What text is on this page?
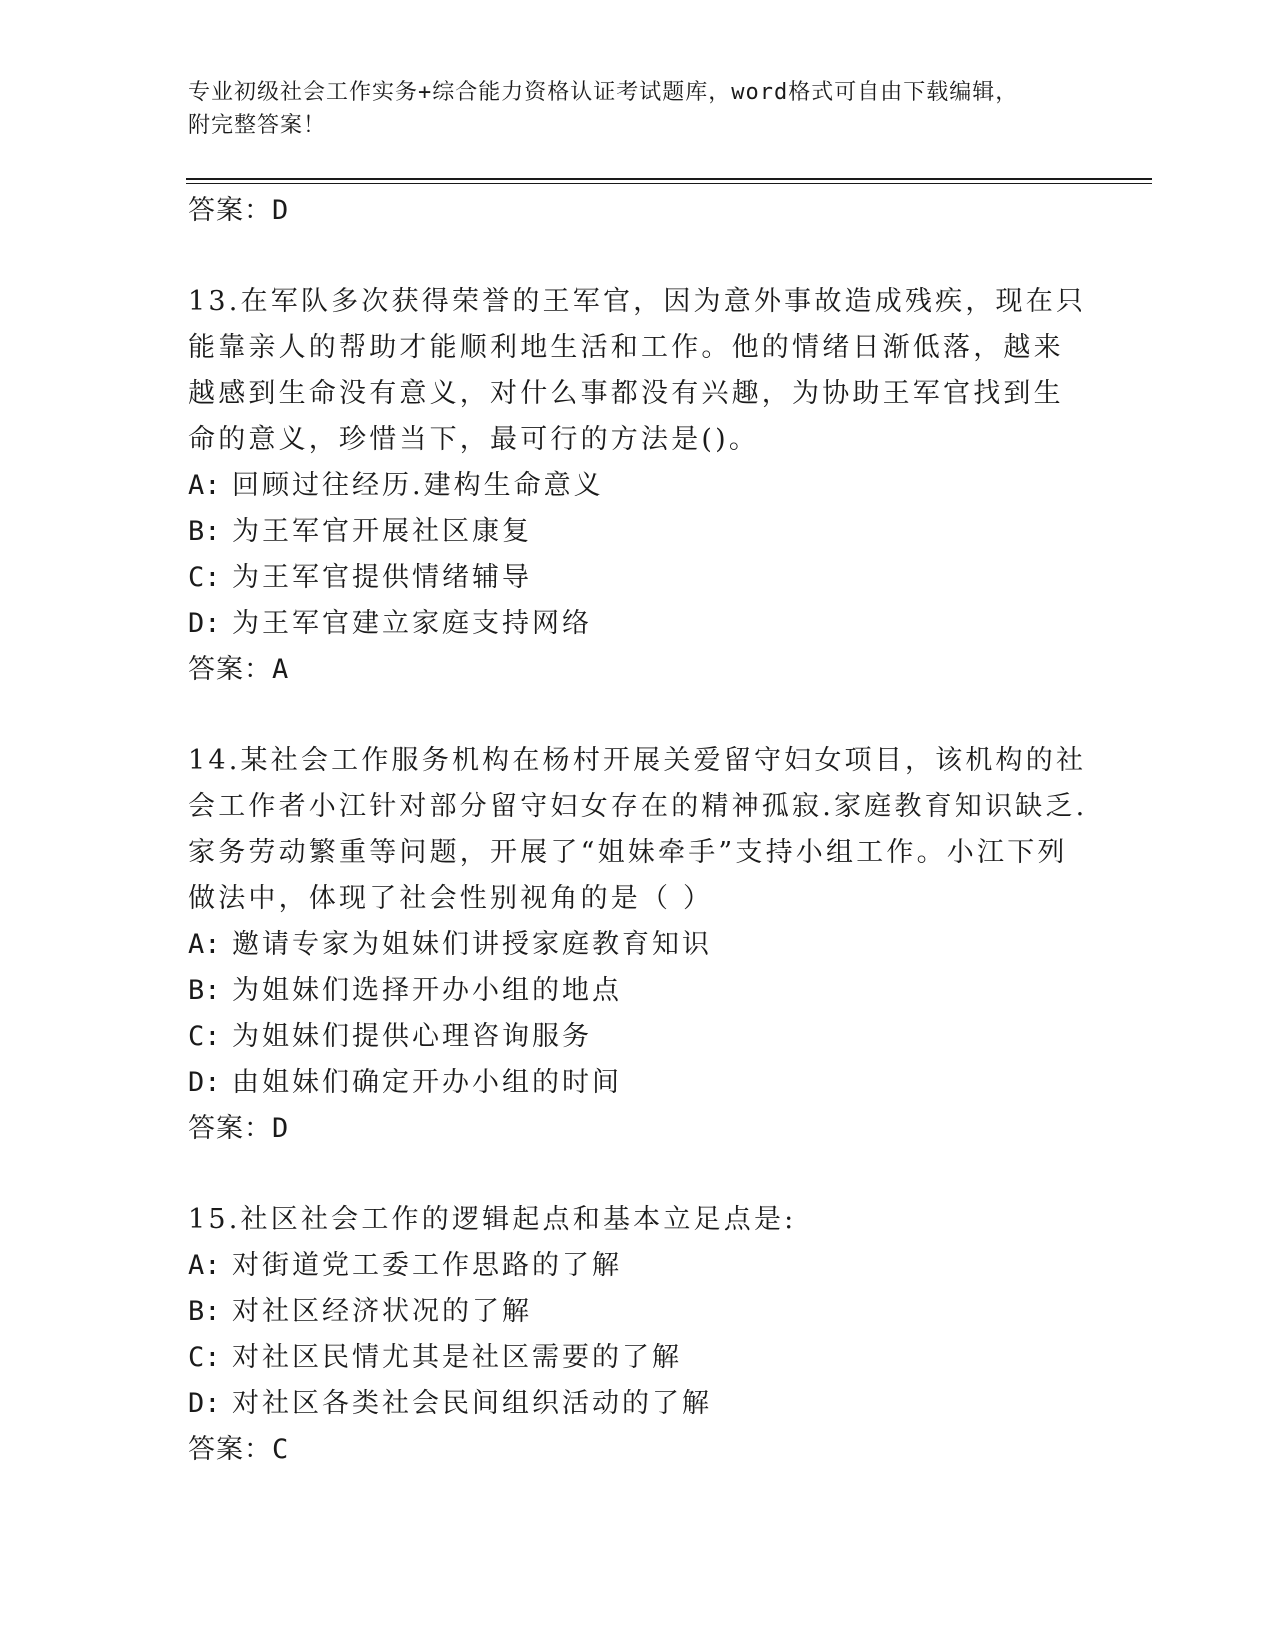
专业初级社会工作实务+综合能力资格认证考试题库，word格式可自由下载编辑，
附完整答案！
答案：D
13.在军队多次获得荣誉的王军官，因为意外事故造成残疾，现在只能靠亲人的帮助才能顺利地生活和工作。他的情绪日渐低落，越来越感到生命没有意义，对什么事都没有兴趣，为协助王军官找到生命的意义，珍惜当下，最可行的方法是()。
A: 回顾过往经历.建构生命意义
B: 为王军官开展社区康复
C: 为王军官提供情绪辅导
D: 为王军官建立家庭支持网络
答案：A
14.某社会工作服务机构在杨村开展关爱留守妇女项目，该机构的社会工作者小江针对部分留守妇女存在的精神孤寂.家庭教育知识缺乏.家务劳动繁重等问题，开展了“姐妹牵手”支持小组工作。小江下列做法中，体现了社会性别视角的是（ ）
A: 邀请专家为姐妹们讲授家庭教育知识
B: 为姐妹们选择开办小组的地点
C: 为姐妹们提供心理咨询服务
D: 由姐妹们确定开办小组的时间
答案：D
15.社区社会工作的逻辑起点和基本立足点是:
A: 对街道党工委工作思路的了解
B: 对社区经济状况的了解
C: 对社区民情尤其是社区需要的了解
D: 对社区各类社会民间组织活动的了解
答案：C
